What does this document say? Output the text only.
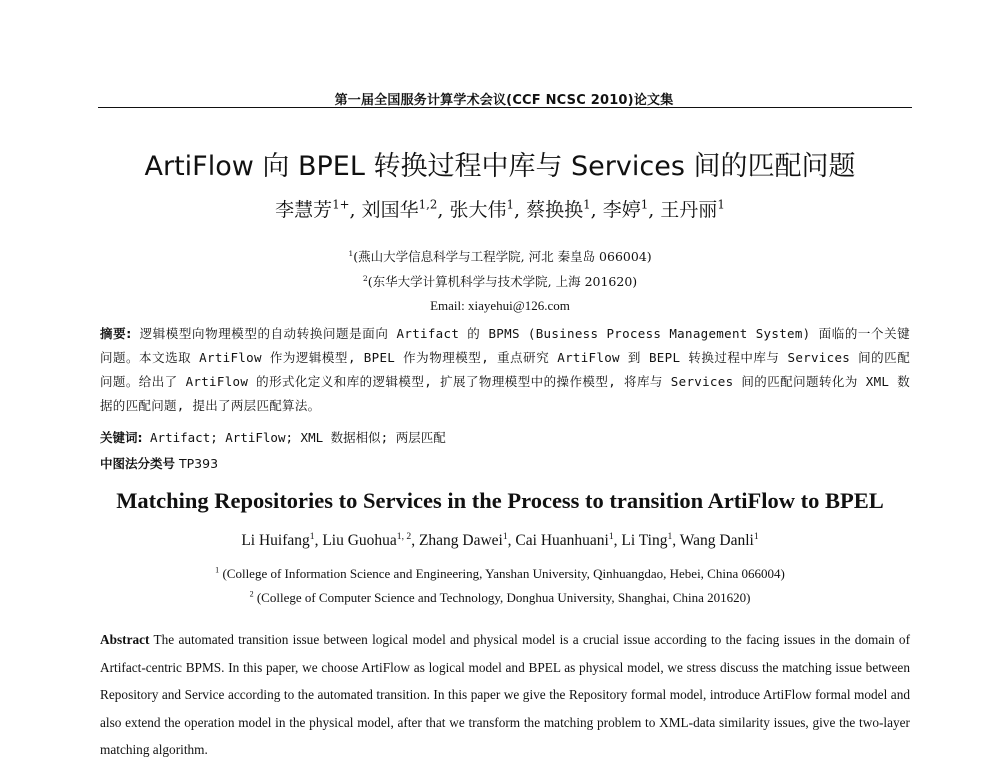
第一届全国服务计算学术会议(CCF NCSC 2010)论文集
ArtiFlow 向 BPEL 转换过程中库与 Services 间的匹配问题
李慧芳$^{1+}$, 刘国华$^{1,2}$, 张大伟$^1$, 蔡换换$^1$, 李婷$^1$, 王丹丽$^1$
$^1$(燕山大学信息科学与工程学院, 河北 秦皇岛 066004)
$^2$(东华大学计算机科学与技术学院, 上海 201620)
Email: xiayehui@126.com
摘要: 逻辑模型向物理模型的自动转换问题是面向 Artifact 的 BPMS (Business Process Management System) 面临的一个关键问题。本文选取 ArtiFlow 作为逻辑模型, BPEL 作为物理模型, 重点研究 ArtiFlow 到 BEPL 转换过程中库与 Services 间的匹配问题。给出了 ArtiFlow 的形式化定义和库的逻辑模型, 扩展了物理模型中的操作模型, 将库与 Services 间的匹配问题转化为 XML 数据的匹配问题, 提出了两层匹配算法。
关键词: Artifact; ArtiFlow; XML 数据相似; 两层匹配
中图法分类号 TP393
Matching Repositories to Services in the Process to transition ArtiFlow to BPEL
Li Huifang$^1$, Liu Guohua$^{1, 2}$, Zhang Dawei$^1$, Cai Huanhuani$^1$, Li Ting$^1$, Wang Danli$^1$
$^1$ (College of Information Science and Engineering, Yanshan University, Qinhuangdao, Hebei, China 066004)
$^2$ (College of Computer Science and Technology, Donghua University, Shanghai, China 201620)
Abstract The automated transition issue between logical model and physical model is a crucial issue according to the facing issues in the domain of Artifact-centric BPMS. In this paper, we choose ArtiFlow as logical model and BPEL as physical model, we stress discuss the matching issue between Repository and Service according to the automated transition. In this paper we give the Repository formal model, introduce ArtiFlow formal model and also extend the operation model in the physical model, after that we transform the matching problem to XML-data similarity issues, give the two-layer matching algorithm.
